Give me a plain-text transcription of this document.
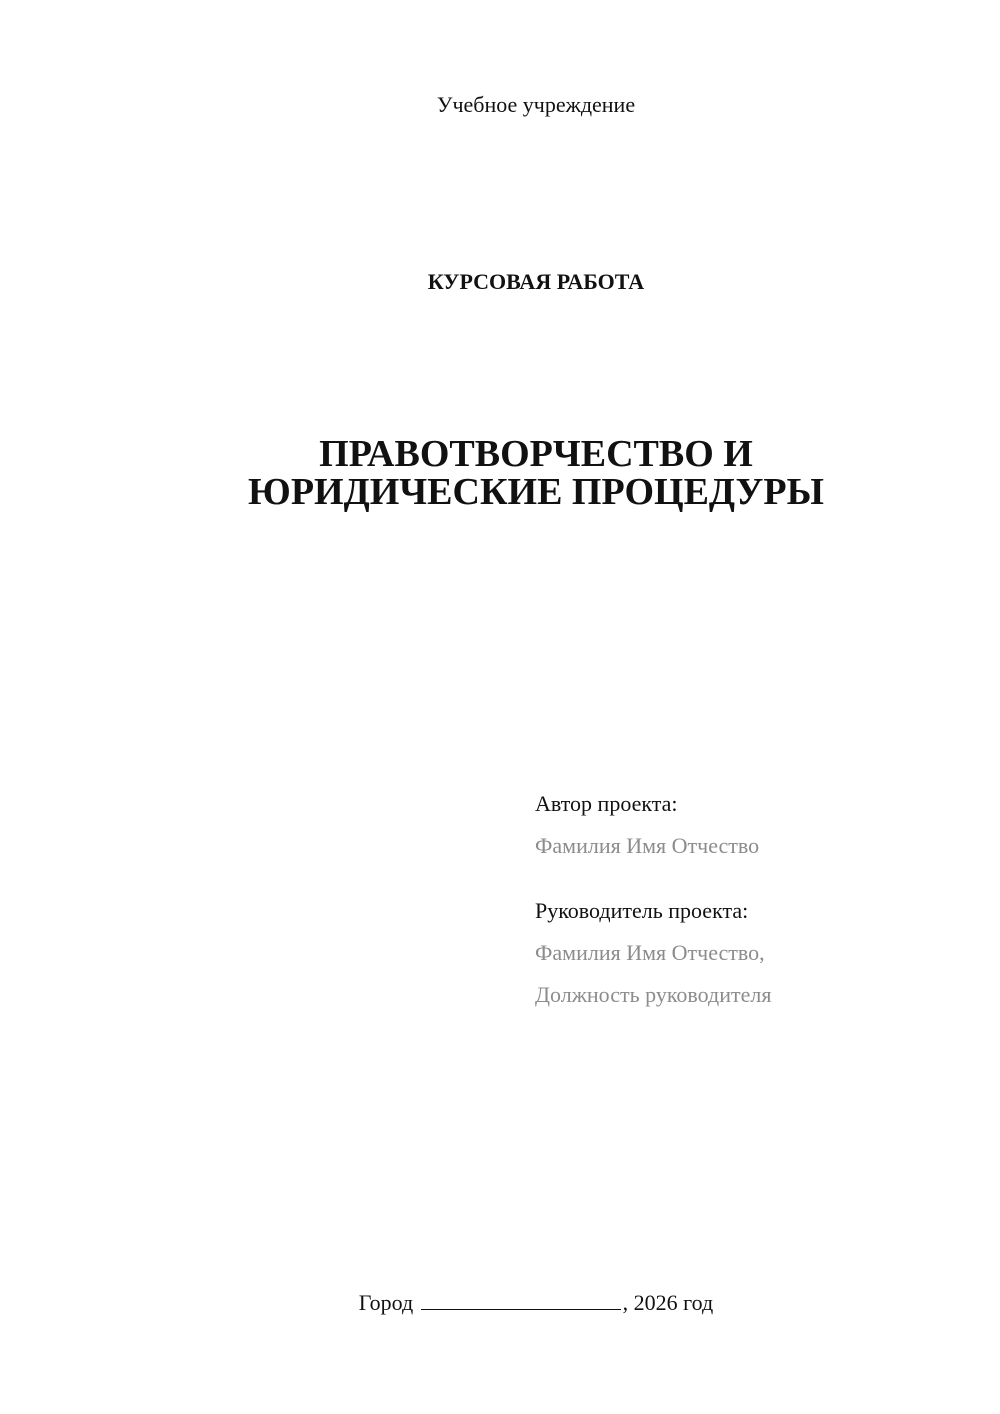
Учебное учреждение
КУРСОВАЯ РАБОТА
ПРАВОТВОРЧЕСТВО И
ЮРИДИЧЕСКИЕ ПРОЦЕДУРЫ
Автор проекта:
Фамилия Имя Отчество
Руководитель проекта:
Фамилия Имя Отчество,
Должность руководителя
Город	, 2026 год
